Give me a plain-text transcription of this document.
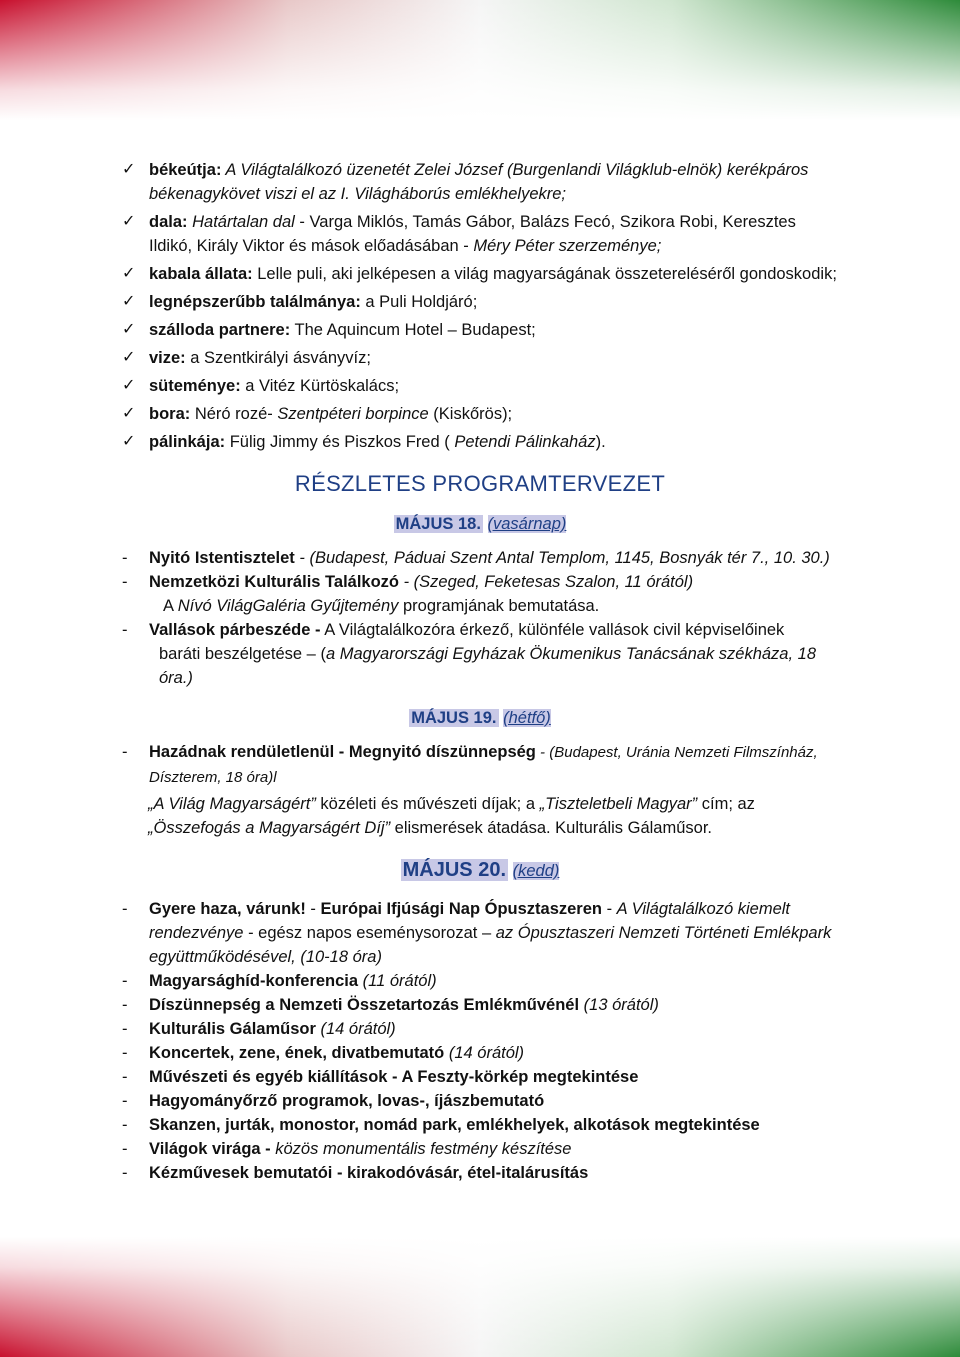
✓ békeútja: A Világtalálkozó üzenetét Zelei József (Burgenlandi Világklub-elnök) kerékpáros békenagykövet viszi el az I. Világháborús emlékhelyekre;
✓ dala: Határtalan dal - Varga Miklós, Tamás Gábor, Balázs Fecó, Szikora Robi, Keresztes Ildikó, Király Viktor és mások előadásában - Méry Péter szerzeménye;
✓ kabala állata: Lelle puli, aki jelképesen a világ magyarságának összetereléséről gondoskodik;
✓ legnépszerűbb találmánya: a Puli Holdjáró;
✓ szálloda partnere: The Aquincum Hotel – Budapest;
✓ vize: a Szentkirályi ásványvíz;
✓ süteménye: a Vitéz Kürtöskalács;
✓ bora: Néró rozé- Szentpéteri borpince (Kiskőrös);
✓ pálinkája: Fülig Jimmy és Piszkos Fred ( Petendi Pálinkaház).
RÉSZLETES PROGRAMTERVEZET
MÁJUS 18. (vasárnap)
- Nyitó Istentisztelet - (Budapest, Páduai Szent Antal Templom, 1145, Bosnyák tér 7., 10. 30.)
- Nemzetközi Kulturális Találkozó - (Szeged, Feketesas Szalon, 11 órától)
A Nívó VilágGaléria Gyűjtemény programjának bemutatása.
- Vallások párbeszéde - A Világtalálkozóra érkező, különféle vallások civil képviselőinek
baráti beszélgetése – (a Magyarországi Egyházak Ökumenikus Tanácsának székháza, 18 óra.)
MÁJUS 19. (hétfő)
- Hazádnak rendületlenül - Megnyitó díszünnepség - (Budapest, Uránia Nemzeti Filmszínház, Díszterem, 18 óra)l
„A Világ Magyarságért” közéleti és művészeti díjak; a „Tiszteletbeli Magyar” cím; az
„Összefogás a Magyarságért Díj” elismerések átadása. Kulturális Gálaműsor.
MÁJUS 20. (kedd)
- Gyere haza, várunk! - Európai Ifjúsági Nap Ópusztaszeren - A Világtalálkozó kiemelt rendezvénye - egész napos eseménysorozat – az Ópusztaszeri Nemzeti Történeti Emlékpark együttműködésével, (10-18 óra)
- Magyarsághíd-konferencia (11 órától)
- Díszünnepség a Nemzeti Összetartozás Emlékművénél (13 órától)
- Kulturális Gálaműsor (14 órától)
- Koncertek, zene, ének, divatbemutató (14 órától)
- Művészeti és egyéb kiállítások - A Feszty-körkép megtekintése
- Hagyományőrző programok, lovas-, íjászbemutató
- Skanzen, jurták, monostor, nomád park, emlékhelyek, alkotások megtekintése
- Világok virága - közös monumentális festmény készítése
- Kézművesek bemutatói - kirakodóvásár, étel-italárusítás
